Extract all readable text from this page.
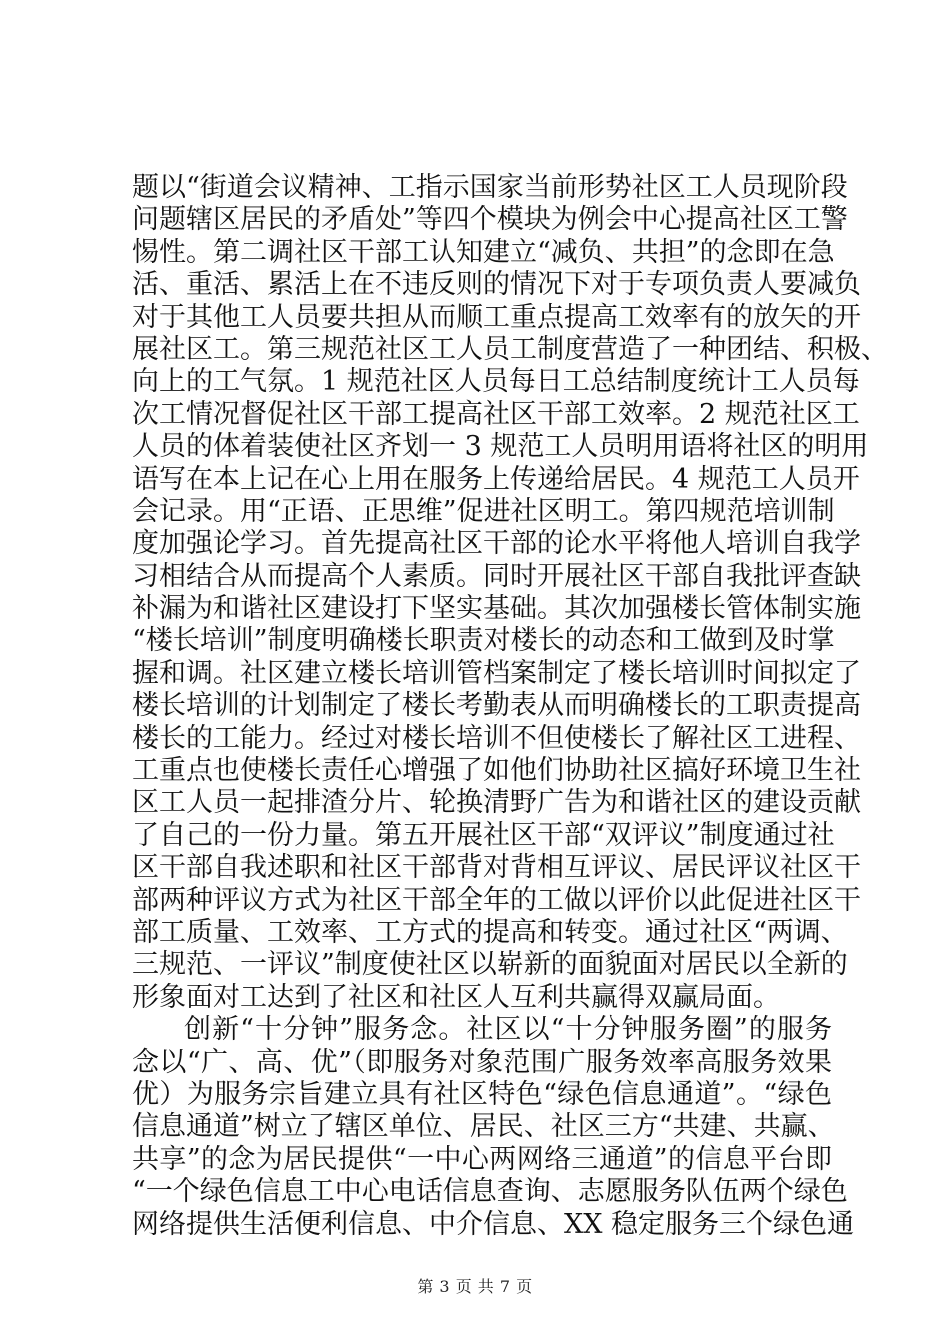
题以“街道会议精神、工指示国家当前形势社区工人员现阶段
问题辖区居民的矛盾处”等四个模块为例会中心提高社区工警
惕性。第二调社区干部工认知建立“减负、共担”的念即在急
活、重活、累活上在不违反则的情况下对于专项负责人要减负
对于其他工人员要共担从而顺工重点提高工效率有的放矢的开
展社区工。第三规范社区工人员工制度营造了一种团结、积极、
向上的工气氛。1 规范社区人员每日工总结制度统计工人员每
次工情况督促社区干部工提高社区干部工效率。2 规范社区工
人员的体着装使社区齐划一 3 规范工人员明用语将社区的明用
语写在本上记在心上用在服务上传递给居民。4 规范工人员开
会记录。用“正语、正思维”促进社区明工。第四规范培训制
度加强论学习。首先提高社区干部的论水平将他人培训自我学
习相结合从而提高个人素质。同时开展社区干部自我批评查缺
补漏为和谐社区建设打下坚实基础。其次加强楼长管体制实施
“楼长培训”制度明确楼长职责对楼长的动态和工做到及时掌
握和调。社区建立楼长培训管档案制定了楼长培训时间拟定了
楼长培训的计划制定了楼长考勤表从而明确楼长的工职责提高
楼长的工能力。经过对楼长培训不但使楼长了解社区工进程、
工重点也使楼长责任心增强了如他们协助社区搞好环境卫生社
区工人员一起排渣分片、轮换清野广告为和谐社区的建设贡献
了自己的一份力量。第五开展社区干部“双评议”制度通过社
区干部自我述职和社区干部背对背相互评议、居民评议社区干
部两种评议方式为社区干部全年的工做以评价以此促进社区干
部工质量、工效率、工方式的提高和转变。通过社区“两调、
三规范、一评议”制度使社区以崭新的面貌面对居民以全新的
形象面对工达到了社区和社区人互利共赢得双赢局面。
创新“十分钟”服务念。社区以“十分钟服务圈”的服务
念以“广、高、优”（即服务对象范围广服务效率高服务效果
优）为服务宗旨建立具有社区特色“绿色信息通道”。“绿色
信息通道”树立了辖区单位、居民、社区三方“共建、共赢、
共享”的念为居民提供“一中心两网络三通道”的信息平台即
“一个绿色信息工中心电话信息查询、志愿服务队伍两个绿色
网络提供生活便利信息、中介信息、XX 稳定服务三个绿色通
第 3 页 共 7 页
